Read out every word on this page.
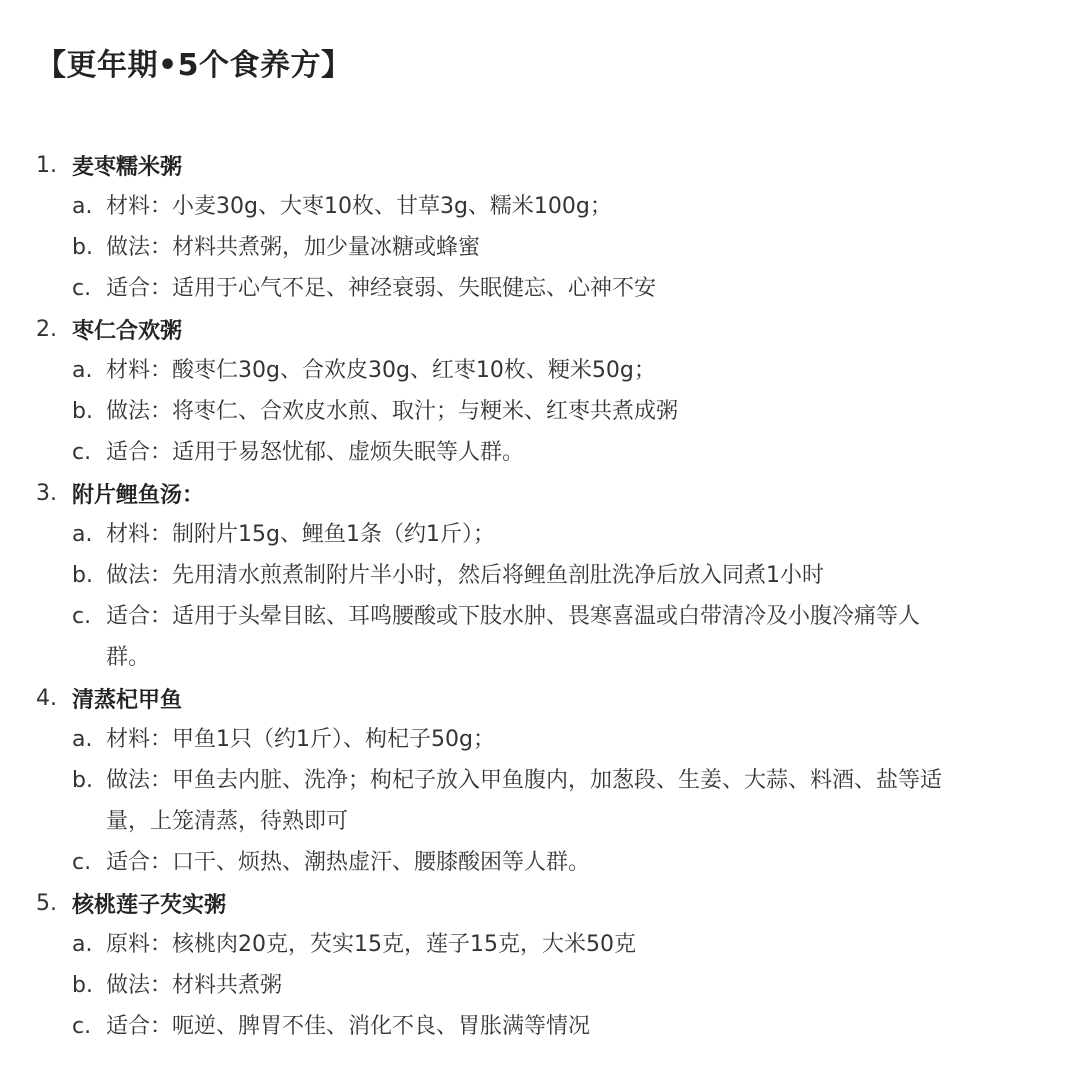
【更年期•5个食养方】
1. 麦枣糯米粥
a. 材料：小麦30g、大枣10枚、甘草3g、糯米100g；
b. 做法：材料共煮粥，加少量冰糖或蜂蜜
c. 适合：适用于心气不足、神经衰弱、失眠健忘、心神不安
2. 枣仁合欢粥
a. 材料：酸枣仁30g、合欢皮30g、红枣10枚、粳米50g；
b. 做法：将枣仁、合欢皮水煎、取汁；与粳米、红枣共煮成粥
c. 适合：适用于易怒忧郁、虚烦失眠等人群。
3. 附片鲤鱼汤：
a. 材料：制附片15g、鲤鱼1条（约1斤）；
b. 做法：先用清水煎煮制附片半小时，然后将鲤鱼剖肚洗净后放入同煮1小时
c. 适合：适用于头晕目眩、耳鸣腰酸或下肢水肿、畏寒喜温或白带清冷及小腹冷痛等人
群。
4. 清蒸杞甲鱼
a. 材料：甲鱼1只（约1斤）、枸杞子50g；
b. 做法：甲鱼去内脏、洗净；枸杞子放入甲鱼腹内，加葱段、生姜、大蒜、料酒、盐等适
量，上笼清蒸，待熟即可
c. 适合：口干、烦热、潮热虚汗、腰膝酸困等人群。
5. 核桃莲子芡实粥
a. 原料：核桃肉20克，芡实15克，莲子15克，大米50克
b. 做法：材料共煮粥
c. 适合：呃逆、脾胃不佳、消化不良、胃胀满等情况
